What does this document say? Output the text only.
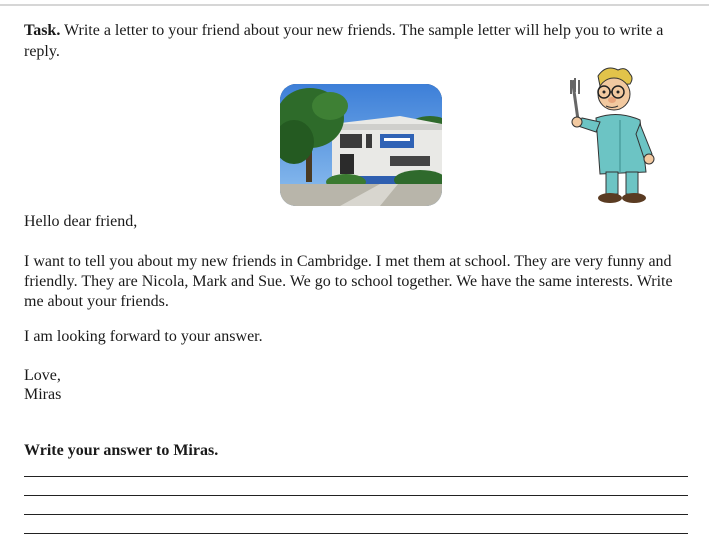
Task. Write a letter to your friend about your new friends. The sample letter will help you to write a reply.
Hello dear friend,
I want to tell you about my new friends in Cambridge. I met them at school. They are very funny and friendly. They are Nicola, Mark and Sue. We go to school together. We have the same interests. Write me about your friends.
I am looking forward to your answer.
Love,
Miras
Write your answer to Miras.
